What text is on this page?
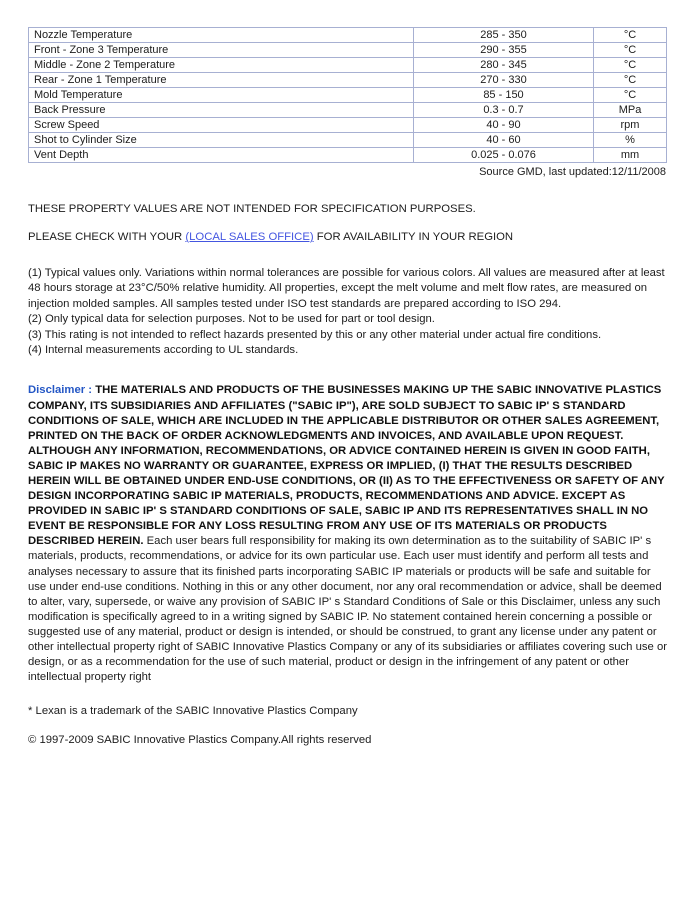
Nozzle Temperature	285 - 350	°C
Front - Zone 3 Temperature	290 - 355	°C
Middle - Zone 2 Temperature	280 - 345	°C
Rear - Zone 1 Temperature	270 - 330	°C
Mold Temperature	85 - 150	°C
Back Pressure	0.3 - 0.7	MPa
Screw Speed	40 - 90	rpm
Shot to Cylinder Size	40 - 60	%
Vent Depth	0.025 - 0.076	mm
Source GMD, last updated:12/11/2008
THESE PROPERTY VALUES ARE NOT INTENDED FOR SPECIFICATION PURPOSES.
PLEASE CHECK WITH YOUR (LOCAL SALES OFFICE) FOR AVAILABILITY IN YOUR REGION
(1) Typical values only. Variations within normal tolerances are possible for various colors. All values are measured after at least 48 hours storage at 23°C/50% relative humidity. All properties, except the melt volume and melt flow rates, are measured on injection molded samples. All samples tested under ISO test standards are prepared according to ISO 294.
(2) Only typical data for selection purposes. Not to be used for part or tool design.
(3) This rating is not intended to reflect hazards presented by this or any other material under actual fire conditions.
(4) Internal measurements according to UL standards.
Disclaimer : THE MATERIALS AND PRODUCTS OF THE BUSINESSES MAKING UP THE SABIC INNOVATIVE PLASTICS COMPANY, ITS SUBSIDIARIES AND AFFILIATES ("SABIC IP"), ARE SOLD SUBJECT TO SABIC IP' S STANDARD CONDITIONS OF SALE, WHICH ARE INCLUDED IN THE APPLICABLE DISTRIBUTOR OR OTHER SALES AGREEMENT, PRINTED ON THE BACK OF ORDER ACKNOWLEDGMENTS AND INVOICES, AND AVAILABLE UPON REQUEST. ALTHOUGH ANY INFORMATION, RECOMMENDATIONS, OR ADVICE CONTAINED HEREIN IS GIVEN IN GOOD FAITH, SABIC IP MAKES NO WARRANTY OR GUARANTEE, EXPRESS OR IMPLIED, (I) THAT THE RESULTS DESCRIBED HEREIN WILL BE OBTAINED UNDER END-USE CONDITIONS, OR (II) AS TO THE EFFECTIVENESS OR SAFETY OF ANY DESIGN INCORPORATING SABIC IP MATERIALS, PRODUCTS, RECOMMENDATIONS AND ADVICE. EXCEPT AS PROVIDED IN SABIC IP' S STANDARD CONDITIONS OF SALE, SABIC IP AND ITS REPRESENTATIVES SHALL IN NO EVENT BE RESPONSIBLE FOR ANY LOSS RESULTING FROM ANY USE OF ITS MATERIALS OR PRODUCTS DESCRIBED HEREIN. Each user bears full responsibility for making its own determination as to the suitability of SABIC IP' s materials, products, recommendations, or advice for its own particular use. Each user must identify and perform all tests and analyses necessary to assure that its finished parts incorporating SABIC IP materials or products will be safe and suitable for use under end-use conditions. Nothing in this or any other document, nor any oral recommendation or advice, shall be deemed to alter, vary, supersede, or waive any provision of SABIC IP' s Standard Conditions of Sale or this Disclaimer, unless any such modification is specifically agreed to in a writing signed by SABIC IP. No statement contained herein concerning a possible or suggested use of any material, product or design is intended, or should be construed, to grant any license under any patent or other intellectual property right of SABIC Innovative Plastics Company or any of its subsidiaries or affiliates covering such use or design, or as a recommendation for the use of such material, product or design in the infringement of any patent or other intellectual property right
* Lexan is a trademark of the SABIC Innovative Plastics Company
© 1997-2009 SABIC Innovative Plastics Company.All rights reserved
